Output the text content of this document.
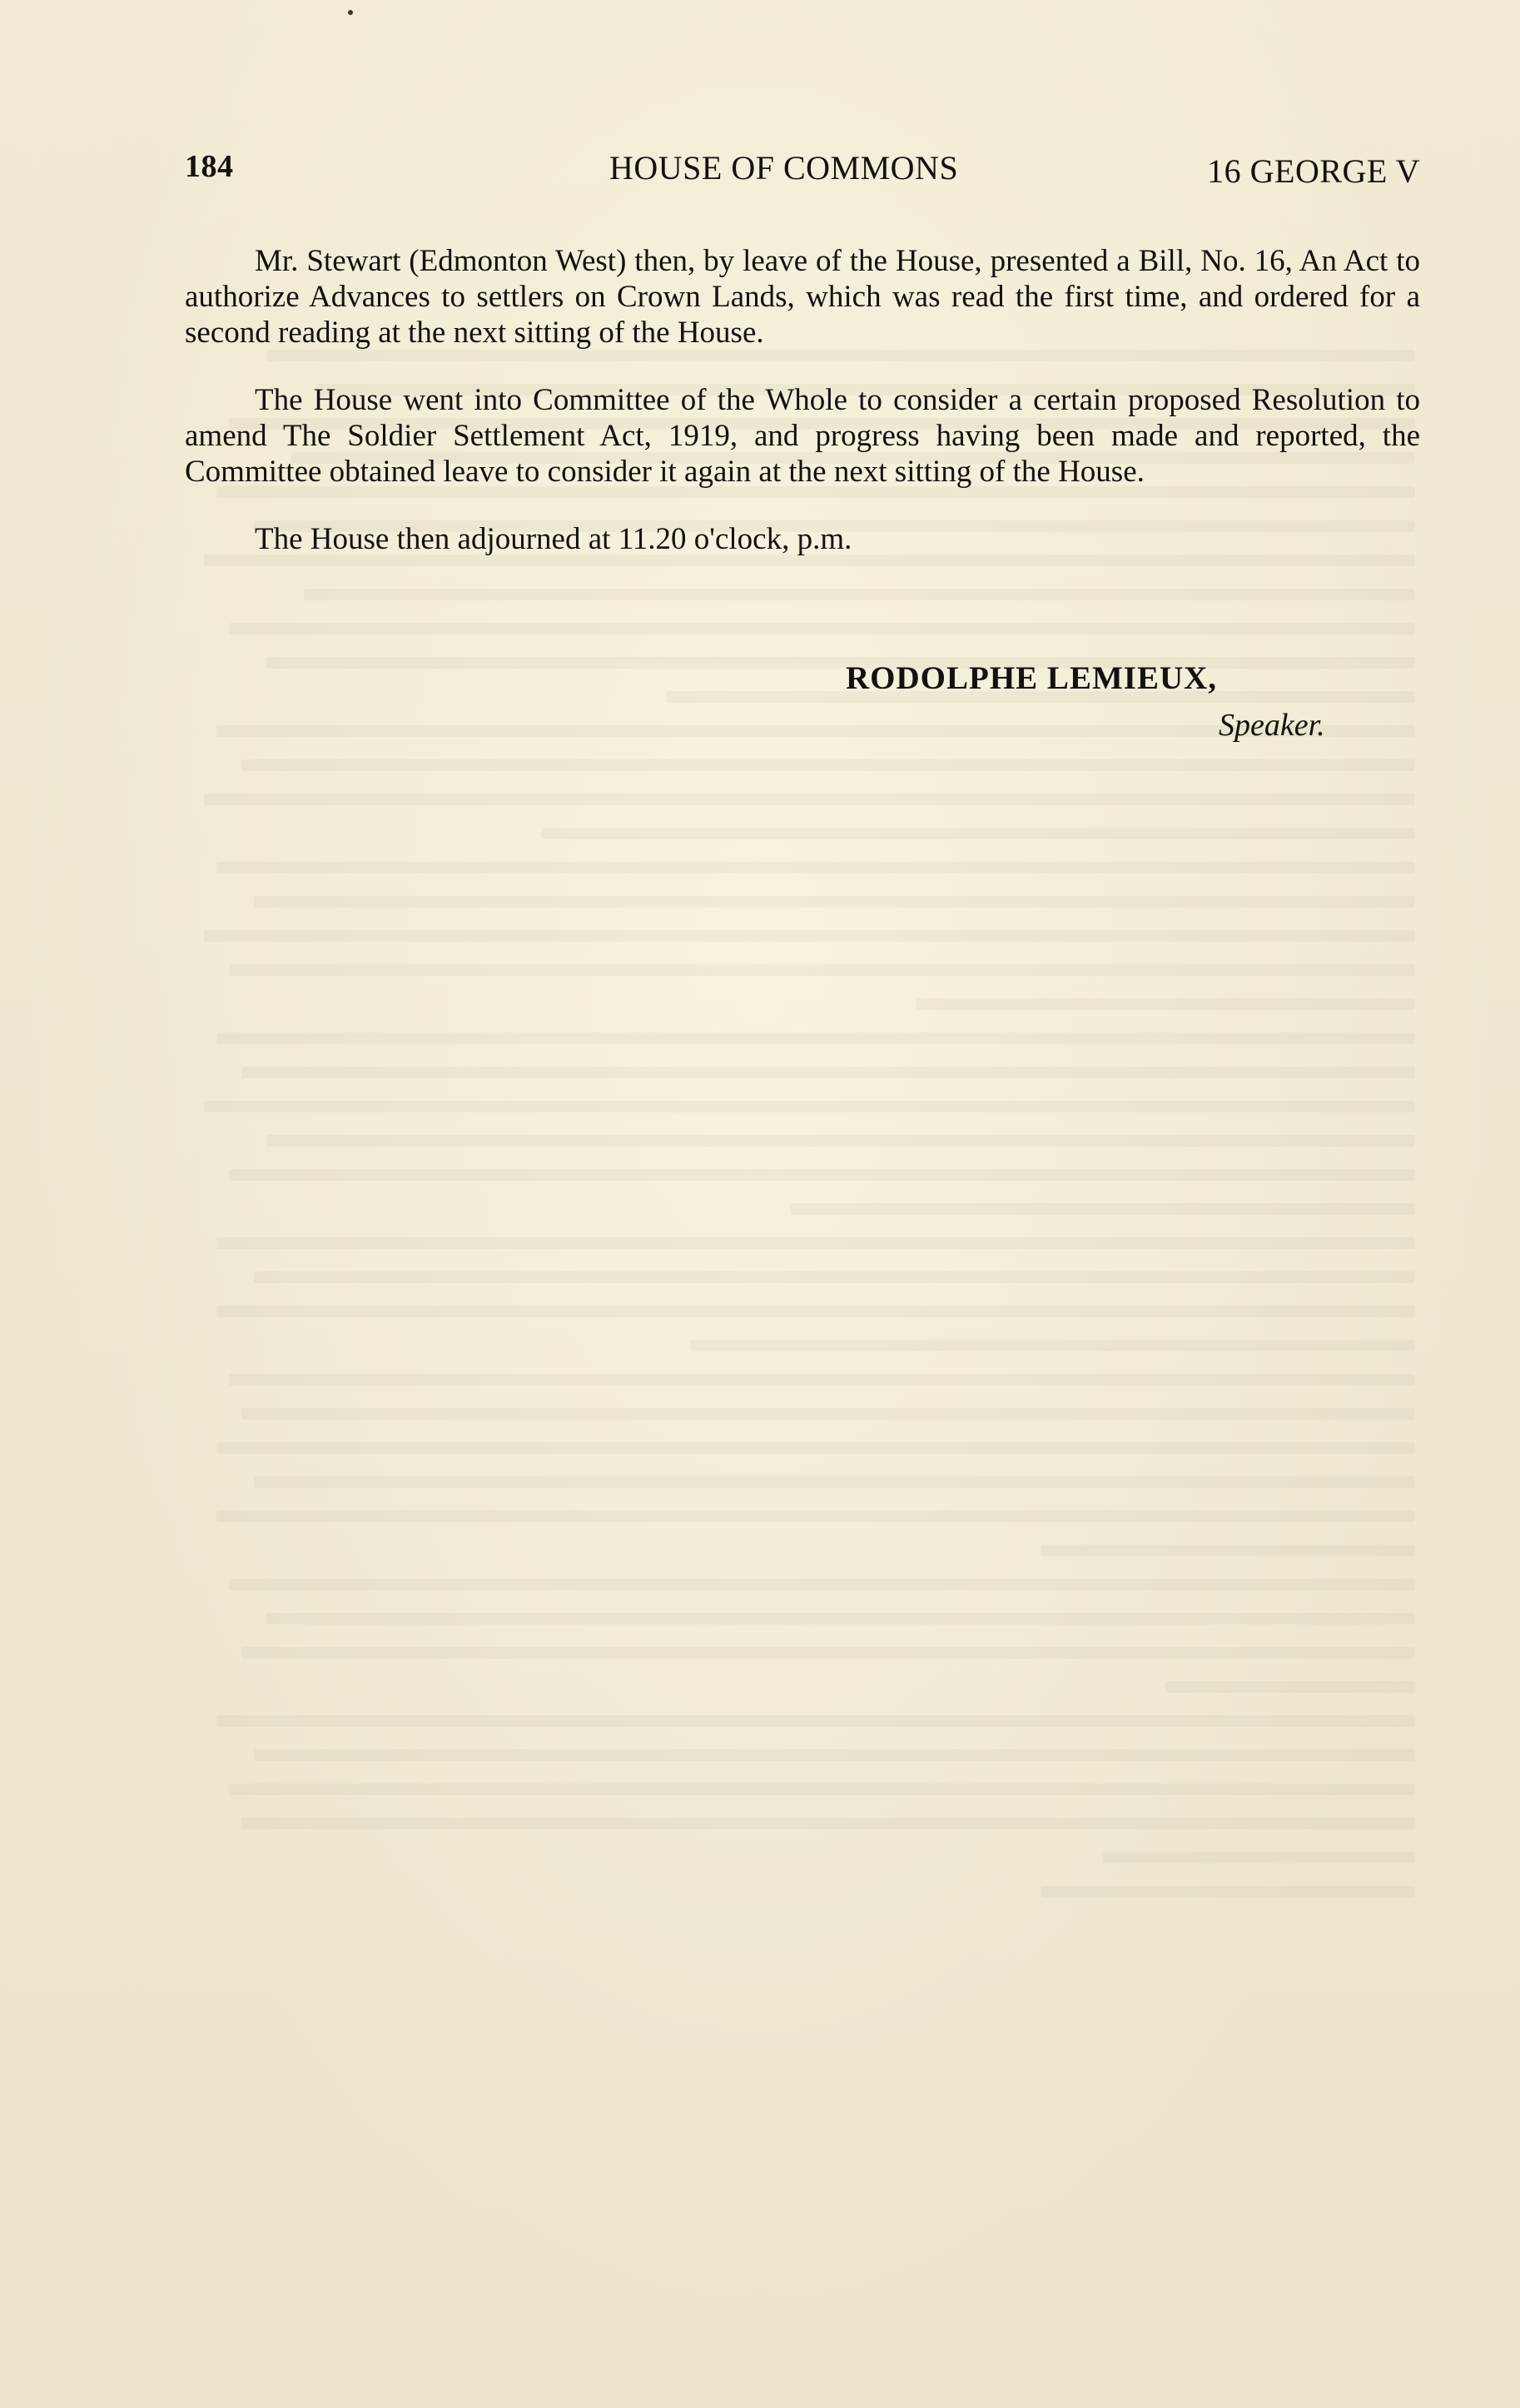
184	HOUSE OF COMMONS	16 GEORGE V

Mr. Stewart (Edmonton West) then, by leave of the House, presented a Bill, No. 16, An Act to authorize Advances to settlers on Crown Lands, which was read the first time, and ordered for a second reading at the next sitting of the House.

The House went into Committee of the Whole to consider a certain proposed Resolution to amend The Soldier Settlement Act, 1919, and progress having been made and reported, the Committee obtained leave to consider it again at the next sitting of the House.

The House then adjourned at 11.20 o'clock, p.m.

RODOLPHE LEMIEUX,
Speaker.
